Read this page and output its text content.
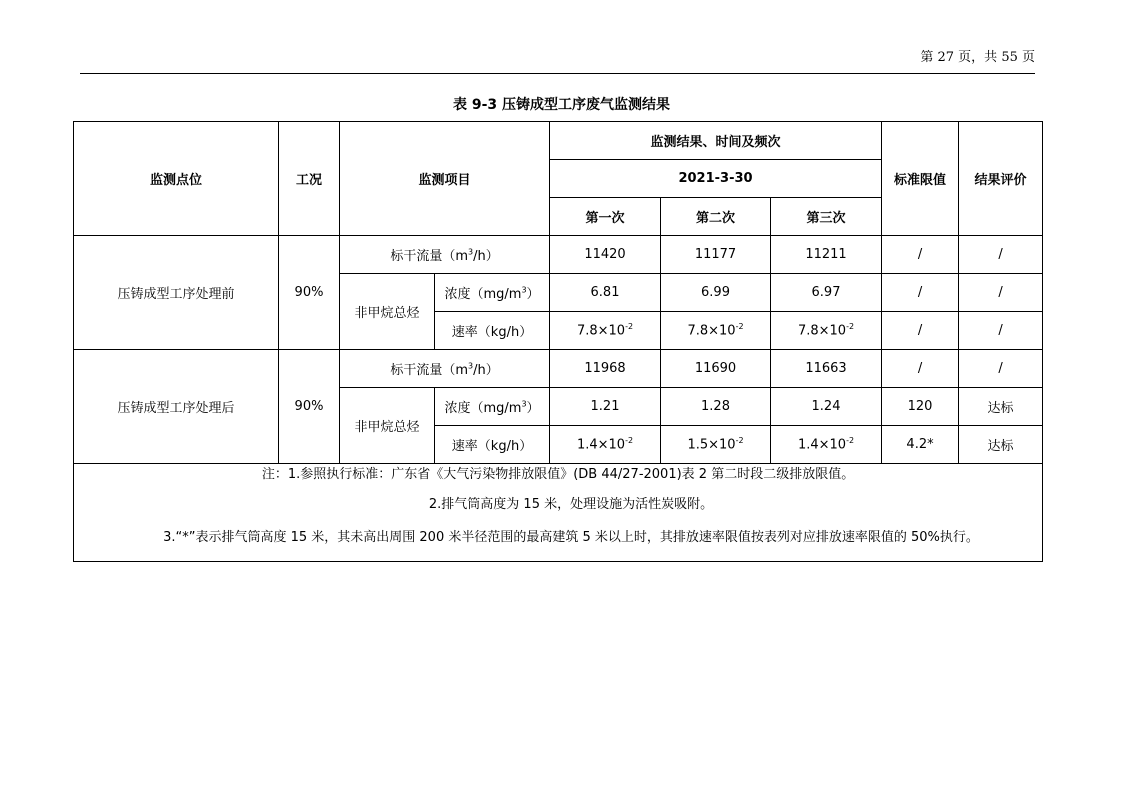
第 27 页，共 55 页
表 9-3 压铸成型工序废气监测结果
监测点位	工况	监测项目		监测结果、时间及频次			标准限值	结果评价
				2021-3-30				
				第一次	第二次	第三次		
压铸成型工序处理前	90%	标干流量$(m^3/h)$		11420	11177	11211	/	/
		非甲烷总烃	浓度$(mg/m^3)$	6.81	6.99	6.97	/	/
			速率（kg/h）	$7.8\times 10^{-2}$	$7.8\times 10^{-2}$	$7.8\times 10^{-2}$	/	/
压铸成型工序处理后	90%	标干流量$(m^3/h)$		11968	11690	11663	/	/
		非甲烷总烃	浓度$(mg/m^3)$	1.21	1.28	1.24	120	达标
			速率（kg/h）	$1.4\times 10^{-2}$	$1.5\times 10^{-2}$	$1.4\times 10^{-2}$	4.2*	达标

注：1.参照执行标准：广东省《大气污染物排放限值》(DB 44/27-2001)表 2 第二时段二级排放限值。
2.排气筒高度为 15 米，处理设施为活性炭吸附。
3.“*”表示排气筒高度 15 米，其未高出周围 200 米半径范围的最高建筑 5 米以上时，其排放速率限值按表列对应排放速率限值的 50%执行。								
